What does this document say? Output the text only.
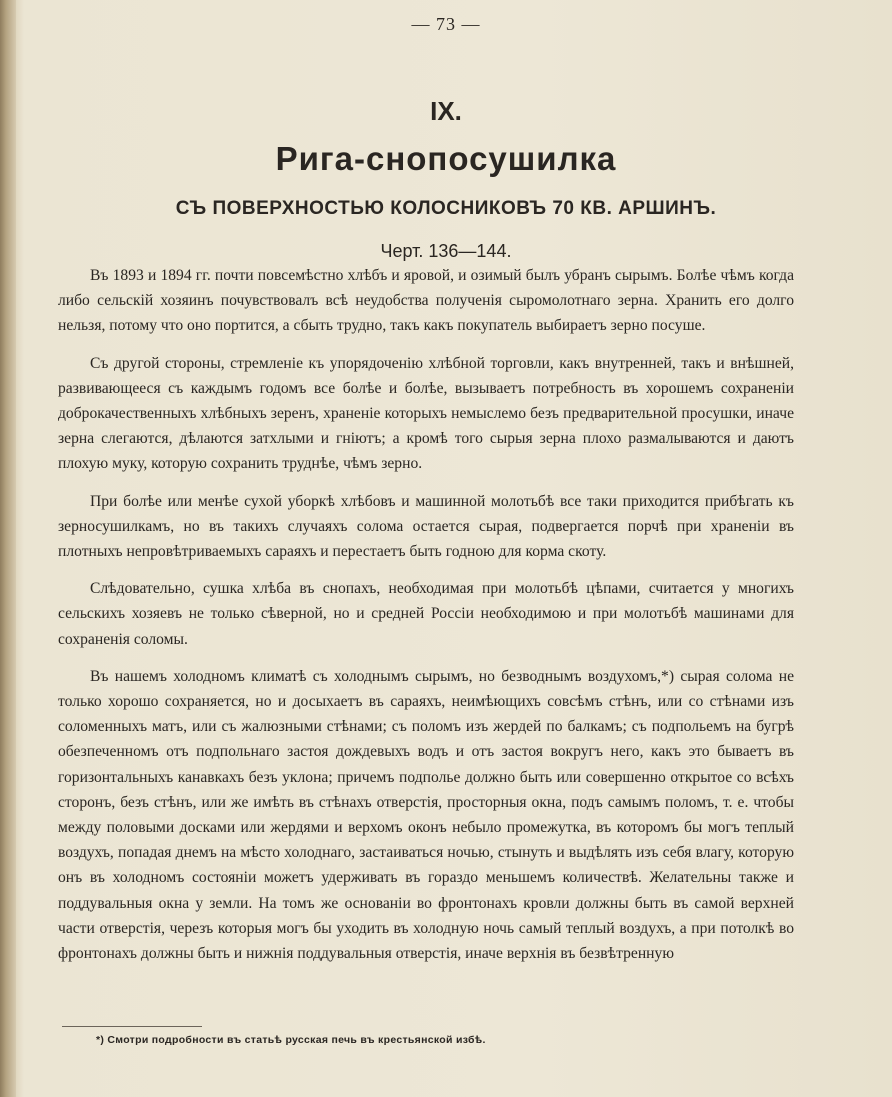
— 73 —
IX.
Рига-снопосушилка
СЪ ПОВЕРХНОСТЬЮ КОЛОСНИКОВЪ 70 КВ. АРШИНЪ.
Черт. 136—144.

Въ 1893 и 1894 гг. почти повсемѣстно хлѣбъ и яровой, и озимый былъ убранъ сырымъ. Болѣе чѣмъ когда либо сельскій хозяинъ почувствовалъ всѣ неудобства полученія сыромолотнаго зерна. Хранить его долго нельзя, потому что оно портится, а сбыть трудно, такъ какъ покупатель выбираетъ зерно посуше.

Съ другой стороны, стремленіе къ упорядоченію хлѣбной торговли, какъ внутренней, такъ и внѣшней, развивающееся съ каждымъ годомъ все болѣе и болѣе, вызываетъ потребность въ хорошемъ сохраненіи доброкачественныхъ хлѣбныхъ зеренъ, храненіе которыхъ немыслемо безъ предварительной просушки, иначе зерна слегаются, дѣлаются затхлыми и гніютъ; а кромѣ того сырыя зерна плохо размалываются и даютъ плохую муку, которую сохранить труднѣе, чѣмъ зерно.

При болѣе или менѣе сухой уборкѣ хлѣбовъ и машинной молотьбѣ все таки приходится прибѣгать къ зерносушилкамъ, но въ такихъ случаяхъ солома остается сырая, подвергается порчѣ при храненіи въ плотныхъ непровѣтриваемыхъ сараяхъ и перестаетъ быть годною для корма скоту.

Слѣдовательно, сушка хлѣба въ снопахъ, необходимая при молотьбѣ цѣпами, считается у многихъ сельскихъ хозяевъ не только сѣверной, но и средней Россіи необходимою и при молотьбѣ машинами для сохраненія соломы.

Въ нашемъ холодномъ климатѣ съ холоднымъ сырымъ, но безводнымъ воздухомъ,*) сырая солома не только хорошо сохраняется, но и досыхаетъ въ сараяхъ, неимѣющихъ совсѣмъ стѣнъ, или со стѣнами изъ соломенныхъ матъ, или съ жалюзными стѣнами; съ поломъ изъ жердей по балкамъ; съ подпольемъ на бугрѣ обезпеченномъ отъ подпольнаго застоя дождевыхъ водъ и отъ застоя вокругъ него, какъ это бываетъ въ горизонтальныхъ канавкахъ безъ уклона; причемъ подполье должно быть или совершенно открытое со всѣхъ сторонъ, безъ стѣнъ, или же имѣть въ стѣнахъ отверстія, просторныя окна, подъ самымъ поломъ, т. е. чтобы между половыми досками или жердями и верхомъ оконъ небыло промежутка, въ которомъ бы могъ теплый воздухъ, попадая днемъ на мѣсто холоднаго, застаиваться ночью, стынуть и выдѣлять изъ себя влагу, которую онъ въ холодномъ состояніи можетъ удерживать въ гораздо меньшемъ количествѣ. Желательны также и поддувальныя окна у земли. На томъ же основаніи во фронтонахъ кровли должны быть въ самой верхней части отверстія, черезъ которыя могъ бы уходить въ холодную ночь самый теплый воздухъ, а при потолкѣ во фронтонахъ должны быть и нижнія поддувальныя отверстія, иначе верхнія въ безвѣтренную

*) Смотри подробности въ статьѣ русская печь въ крестьянской избѣ.
